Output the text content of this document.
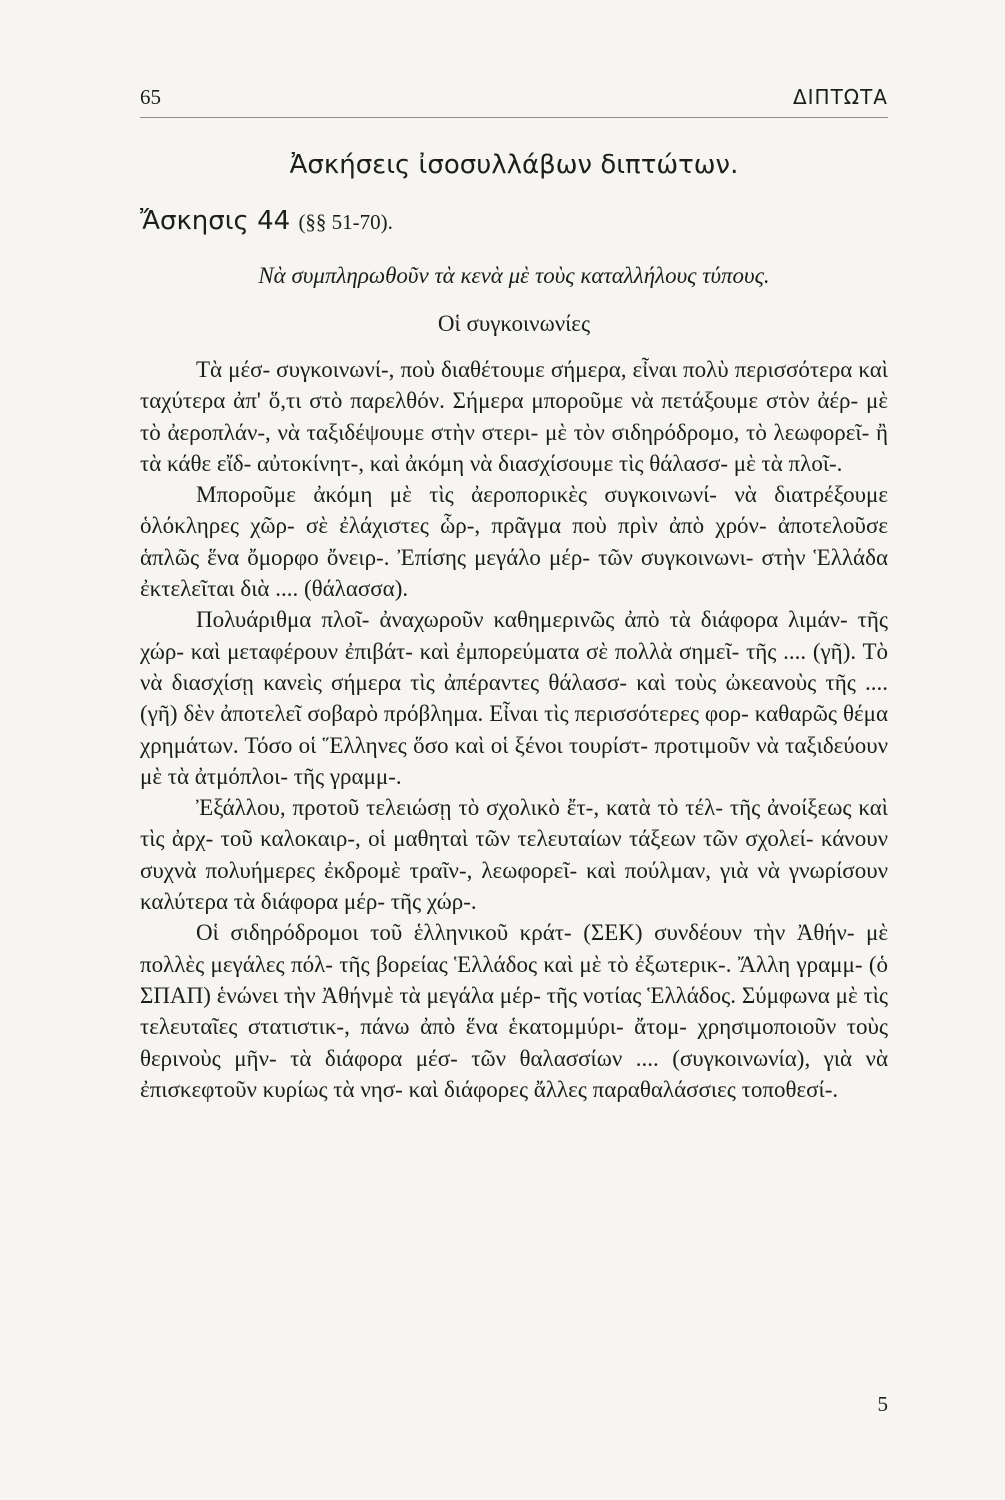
65	ΔΙΠΤΩΤΑ
Ἀσκήσεις ἰσοσυλλάβων διπτώτων.
Ἄσκησις 44 (§§ 51-70).
Νὰ συμπληρωθοῦν τὰ κενὰ μὲ τοὺς καταλλήλους τύπους.
Οἱ συγκοινωνίες

Τὰ μέσ- συγκοινωνί-, ποὺ διαθέτουμε σήμερα, εἶναι πολὺ περισσότερα καὶ ταχύτερα ἀπ' ὅ,τι στὸ παρελθόν. Σήμερα μποροῦμε νὰ πετάξουμε στὸν ἀέρ- μὲ τὸ ἀεροπλάν-, νὰ ταξιδέψουμε στὴν στερι- μὲ τὸν σιδηρόδρομο, τὸ λεωφορεῖ- ἢ τὰ κάθε εἴδ- αὐτοκίνητ-, καὶ ἀκόμη νὰ διασχίσουμε τὶς θάλασσ- μὲ τὰ πλοῖ-.

Μποροῦμε ἀκόμη μὲ τὶς ἀεροπορικὲς συγκοινωνί- νὰ διατρέξουμε ὁλόκληρες χῶρ- σὲ ἐλάχιστες ὧρ-, πρᾶγμα ποὺ πρὶν ἀπὸ χρόν- ἀποτελοῦσε ἁπλῶς ἕνα ὄμορφο ὄνειρ-. Ἐπίσης μεγάλο μέρ- τῶν συγκοινωνι- στὴν Ἑλλάδα ἐκτελεῖται διὰ .... (θάλασσα).

Πολυάριθμα πλοῖ- ἀναχωροῦν καθημερινῶς ἀπὸ τὰ διάφορα λιμάν- τῆς χώρ- καὶ μεταφέρουν ἐπιβάτ- καὶ ἐμπορεύματα σὲ πολλὰ σημεῖ- τῆς .... (γῆ). Τὸ νὰ διασχίσῃ κανεὶς σήμερα τὶς ἀπέραντες θάλασσ- καὶ τοὺς ὠκεανοὺς τῆς .... (γῆ) δὲν ἀποτελεῖ σοβαρὸ πρόβλημα. Εἶναι τὶς περισσότερες φορ- καθαρῶς θέμα χρημάτων. Τόσο οἱ Ἕλληνες ὅσο καὶ οἱ ξένοι τουρίστ- προτιμοῦν νὰ ταξιδεύουν μὲ τὰ ἀτμόπλοι- τῆς γραμμ-.

Ἐξάλλου, προτοῦ τελειώσῃ τὸ σχολικὸ ἔτ-, κατὰ τὸ τέλ- τῆς ἀνοίξεως καὶ τὶς ἀρχ- τοῦ καλοκαιρ-, οἱ μαθηταὶ τῶν τελευταίων τάξεων τῶν σχολεί- κάνουν συχνὰ πολυήμερες ἐκδρομὲ τραῖν-, λεωφορεῖ- καὶ πούλμαν, γιὰ νὰ γνωρίσουν καλύτερα τὰ διάφορα μέρ- τῆς χώρ-.

Οἱ σιδηρόδρομοι τοῦ ἑλληνικοῦ κράτ- (ΣΕΚ) συνδέουν τὴν Ἀθήν- μὲ πολλὲς μεγάλες πόλ- τῆς βορείας Ἑλλάδος καὶ μὲ τὸ ἐξωτερικ-. Ἄλλη γραμμ- (ὁ ΣΠΑΠ) ἑνώνει τὴν Ἀθήνμὲ τὰ μεγάλα μέρ- τῆς νοτίας Ἑλλάδος. Σύμφωνα μὲ τὶς τελευταῖες στατιστικ-, πάνω ἀπὸ ἕνα ἑκατομμύρι- ἄτομ- χρησιμοποιοῦν τοὺς θερινοὺς μῆν- τὰ διάφορα μέσ- τῶν θαλασσίων .... (συγκοινωνία), γιὰ νὰ ἐπισκεφτοῦν κυρίως τὰ νησ- καὶ διάφορες ἄλλες παραθαλάσσιες τοποθεσί-.

5
